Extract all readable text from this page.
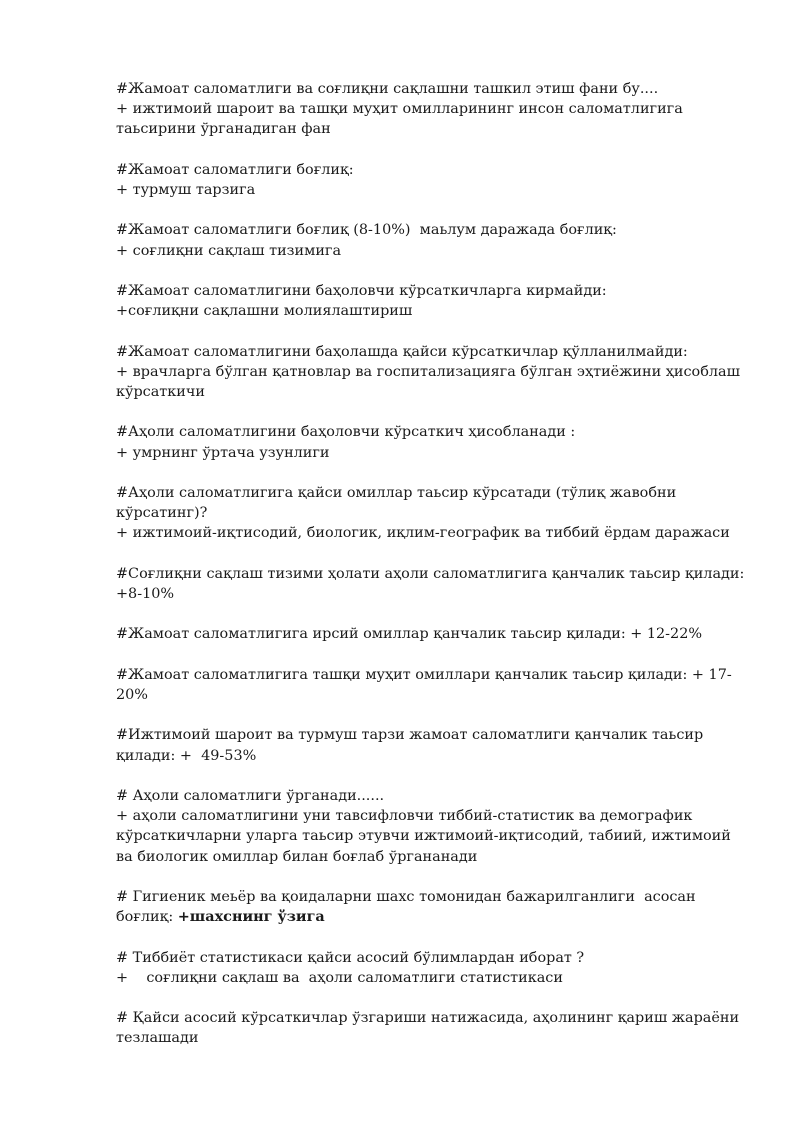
#Жамоат саломатлиги ва соғлиқни сақлашни ташкил этиш фани бу....
+ ижтимоий шароит ва ташқи муҳит омилларининг инсон саломатлигига таьсирини ўрганадиган фан
#Жамоат саломатлиги боғлиқ:
+ турмуш тарзига
#Жамоат саломатлиги боғлиқ (8-10%)  маьлум даражада боғлиқ:
+ соғлиқни сақлаш тизимига
#Жамоат саломатлигини баҳоловчи кўрсаткичларга кирмайди:
+соғлиқни сақлашни молиялаштириш
#Жамоат саломатлигини баҳолашда қайси кўрсаткичлар қўлланилмайди:
+ врачларга бўлган қатновлар ва госпитализацияга бўлган эҳтиёжини ҳисоблаш кўрсаткичи
#Аҳоли саломатлигини баҳоловчи кўрсаткич ҳисобланади :
+ умрнинг ўртача узунлиги
#Аҳоли саломатлигига қайси омиллар таьсир кўрсатади (тўлиқ жавобни кўрсатинг)?
+ ижтимоий-иқтисодий, биологик, иқлим-географик ва тиббий ёрдам даражаси
#Соғлиқни сақлаш тизими ҳолати аҳоли саломатлигига қанчалик таьсир қилади:
+8-10%
#Жамоат саломатлигига ирсий омиллар қанчалик таьсир қилади: + 12-22%
#Жамоат саломатлигига ташқи муҳит омиллари қанчалик таьсир қилади: + 17-20%
#Ижтимоий шароит ва турмуш тарзи жамоат саломатлиги қанчалик таьсир қилади: +  49-53%
# Аҳоли саломатлиги ўрганади......
+ аҳоли саломатлигини уни тавсифловчи тиббий-статистик ва демографик кўрсаткичларни уларга таьсир этувчи ижтимоий-иқтисодий, табиий, ижтимоий ва биологик омиллар билан боғлаб ўргананади
# Гигиеник меьёр ва қоидаларни шахс томонидан бажарилганлиги  асосан боғлиқ: +шахснинг ўзига
# Тиббиёт статистикаси қайси асосий бўлимлардан иборат ?
+    соғлиқни сақлаш ва  аҳоли саломатлиги статистикаси
# Қайси асосий кўрсаткичлар ўзгариши натижасида, аҳолининг қариш жараёни тезлашади
